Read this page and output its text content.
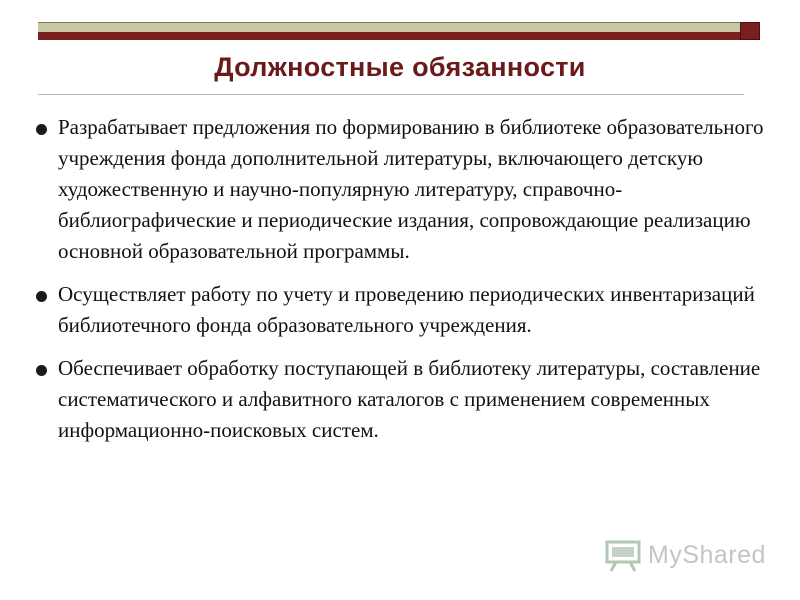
Должностные обязанности
Разрабатывает предложения по формированию в библиотеке образовательного учреждения фонда дополнительной литературы, включающего детскую художественную и научно-популярную литературу, справочно-библиографические и периодические издания, сопровождающие реализацию основной образовательной программы.
Осуществляет работу по учету и проведению периодических инвентаризаций библиотечного фонда образовательного учреждения.
Обеспечивает обработку поступающей в библиотеку литературы, составление систематического и алфавитного каталогов с применением современных информационно-поисковых систем.
MyShared
